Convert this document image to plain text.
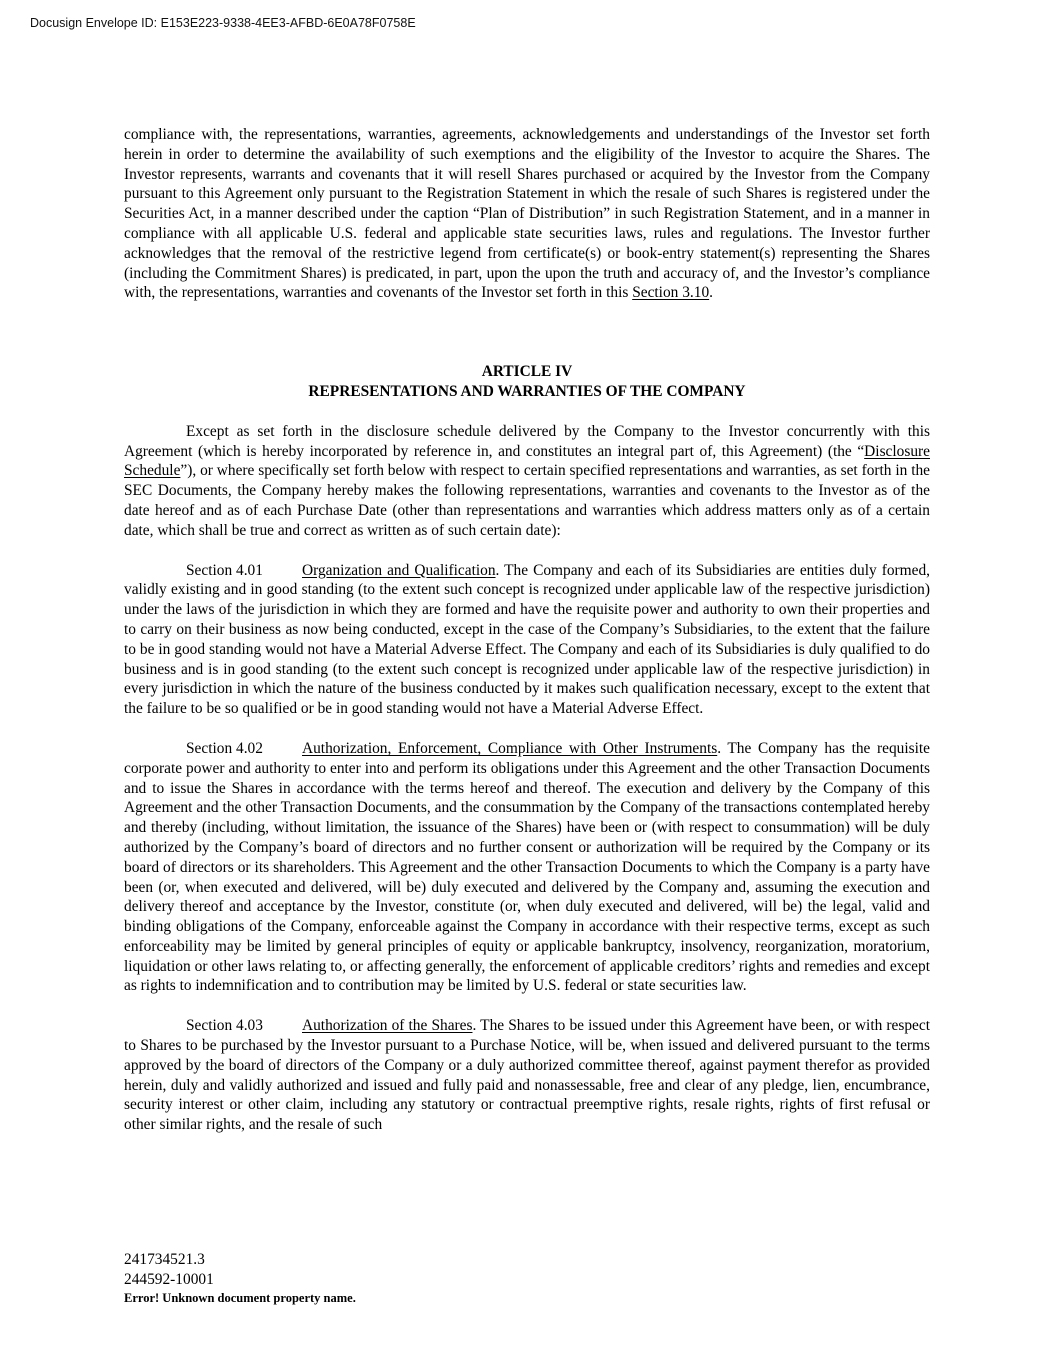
Docusign Envelope ID: E153E223-9338-4EE3-AFBD-6E0A78F0758E

compliance with, the representations, warranties, agreements, acknowledgements and understandings of the Investor set forth herein in order to determine the availability of such exemptions and the eligibility of the Investor to acquire the Shares. The Investor represents, warrants and covenants that it will resell Shares purchased or acquired by the Investor from the Company pursuant to this Agreement only pursuant to the Registration Statement in which the resale of such Shares is registered under the Securities Act, in a manner described under the caption “Plan of Distribution” in such Registration Statement, and in a manner in compliance with all applicable U.S. federal and applicable state securities laws, rules and regulations. The Investor further acknowledges that the removal of the restrictive legend from certificate(s) or book-entry statement(s) representing the Shares (including the Commitment Shares) is predicated, in part, upon the upon the truth and accuracy of, and the Investor’s compliance with, the representations, warranties and covenants of the Investor set forth in this Section 3.10.

ARTICLE IV
REPRESENTATIONS AND WARRANTIES OF THE COMPANY

Except as set forth in the disclosure schedule delivered by the Company to the Investor concurrently with this Agreement (which is hereby incorporated by reference in, and constitutes an integral part of, this Agreement) (the “Disclosure Schedule”), or where specifically set forth below with respect to certain specified representations and warranties, as set forth in the SEC Documents, the Company hereby makes the following representations, warranties and covenants to the Investor as of the date hereof and as of each Purchase Date (other than representations and warranties which address matters only as of a certain date, which shall be true and correct as written as of such certain date):

Section 4.01	Organization and Qualification. The Company and each of its Subsidiaries are entities duly formed, validly existing and in good standing (to the extent such concept is recognized under applicable law of the respective jurisdiction) under the laws of the jurisdiction in which they are formed and have the requisite power and authority to own their properties and to carry on their business as now being conducted, except in the case of the Company’s Subsidiaries, to the extent that the failure to be in good standing would not have a Material Adverse Effect. The Company and each of its Subsidiaries is duly qualified to do business and is in good standing (to the extent such concept is recognized under applicable law of the respective jurisdiction) in every jurisdiction in which the nature of the business conducted by it makes such qualification necessary, except to the extent that the failure to be so qualified or be in good standing would not have a Material Adverse Effect.

Section 4.02	Authorization, Enforcement, Compliance with Other Instruments. The Company has the requisite corporate power and authority to enter into and perform its obligations under this Agreement and the other Transaction Documents and to issue the Shares in accordance with the terms hereof and thereof. The execution and delivery by the Company of this Agreement and the other Transaction Documents, and the consummation by the Company of the transactions contemplated hereby and thereby (including, without limitation, the issuance of the Shares) have been or (with respect to consummation) will be duly authorized by the Company’s board of directors and no further consent or authorization will be required by the Company or its board of directors or its shareholders. This Agreement and the other Transaction Documents to which the Company is a party have been (or, when executed and delivered, will be) duly executed and delivered by the Company and, assuming the execution and delivery thereof and acceptance by the Investor, constitute (or, when duly executed and delivered, will be) the legal, valid and binding obligations of the Company, enforceable against the Company in accordance with their respective terms, except as such enforceability may be limited by general principles of equity or applicable bankruptcy, insolvency, reorganization, moratorium, liquidation or other laws relating to, or affecting generally, the enforcement of applicable creditors’ rights and remedies and except as rights to indemnification and to contribution may be limited by U.S. federal or state securities law.

Section 4.03	Authorization of the Shares. The Shares to be issued under this Agreement have been, or with respect to Shares to be purchased by the Investor pursuant to a Purchase Notice, will be, when issued and delivered pursuant to the terms approved by the board of directors of the Company or a duly authorized committee thereof, against payment therefor as provided herein, duly and validly authorized and issued and fully paid and nonassessable, free and clear of any pledge, lien, encumbrance, security interest or other claim, including any statutory or contractual preemptive rights, resale rights, rights of first refusal or other similar rights, and the resale of such

241734521.3
244592-10001
Error! Unknown document property name.
